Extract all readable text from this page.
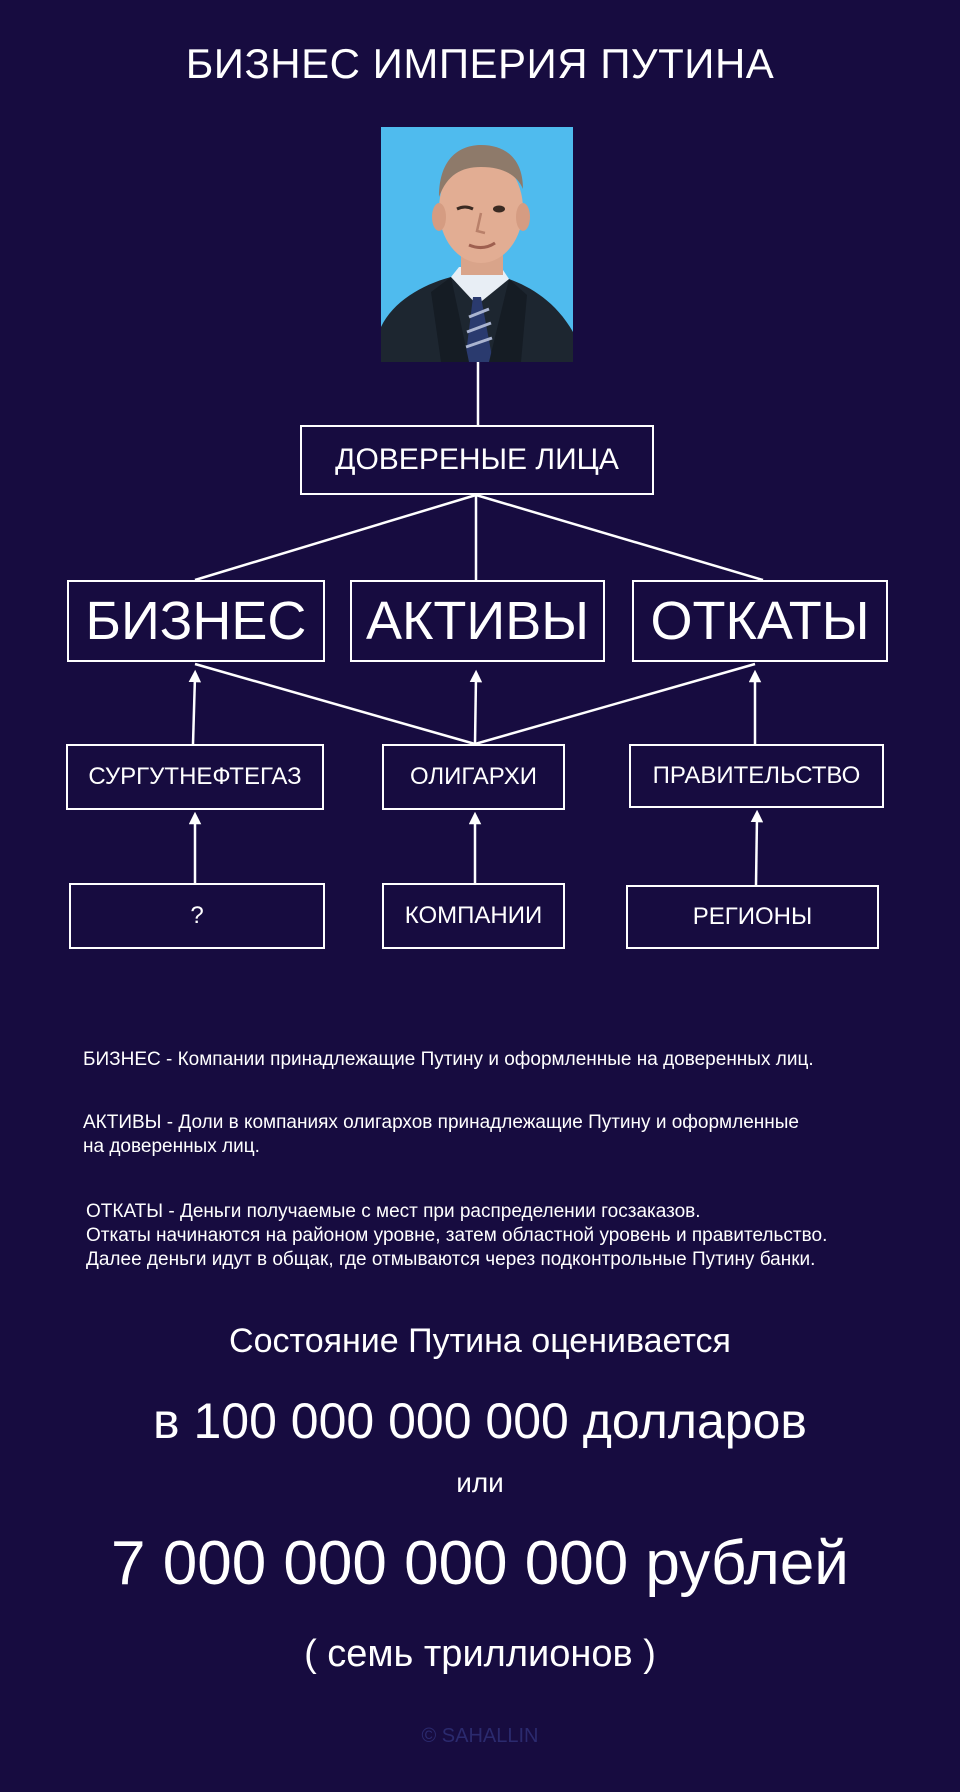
БИЗНЕС ИМПЕРИЯ ПУТИНА
ДОВЕРЕНЫЕ ЛИЦА
БИЗНЕС	АКТИВЫ	ОТКАТЫ
СУРГУТНЕФТЕГАЗ	ОЛИГАРХИ	ПРАВИТЕЛЬСТВО
?	КОМПАНИИ	РЕГИОНЫ
БИЗНЕС - Компании принадлежащие Путину и оформленные на доверенных лиц.
АКТИВЫ - Доли в компаниях олигархов принадлежащие Путину и оформленные
на доверенных лиц.
ОТКАТЫ - Деньги получаемые с мест при распределении госзаказов.
Откаты начинаются на районом уровне, затем областной уровень и правительство.
Далее деньги идут в общак, где отмываются через подконтрольные Путину банки.
Состояние Путина оценивается
в 100 000 000 000 долларов
или
7 000 000 000 000 рублей
( семь триллионов )
© SAHALLIN
